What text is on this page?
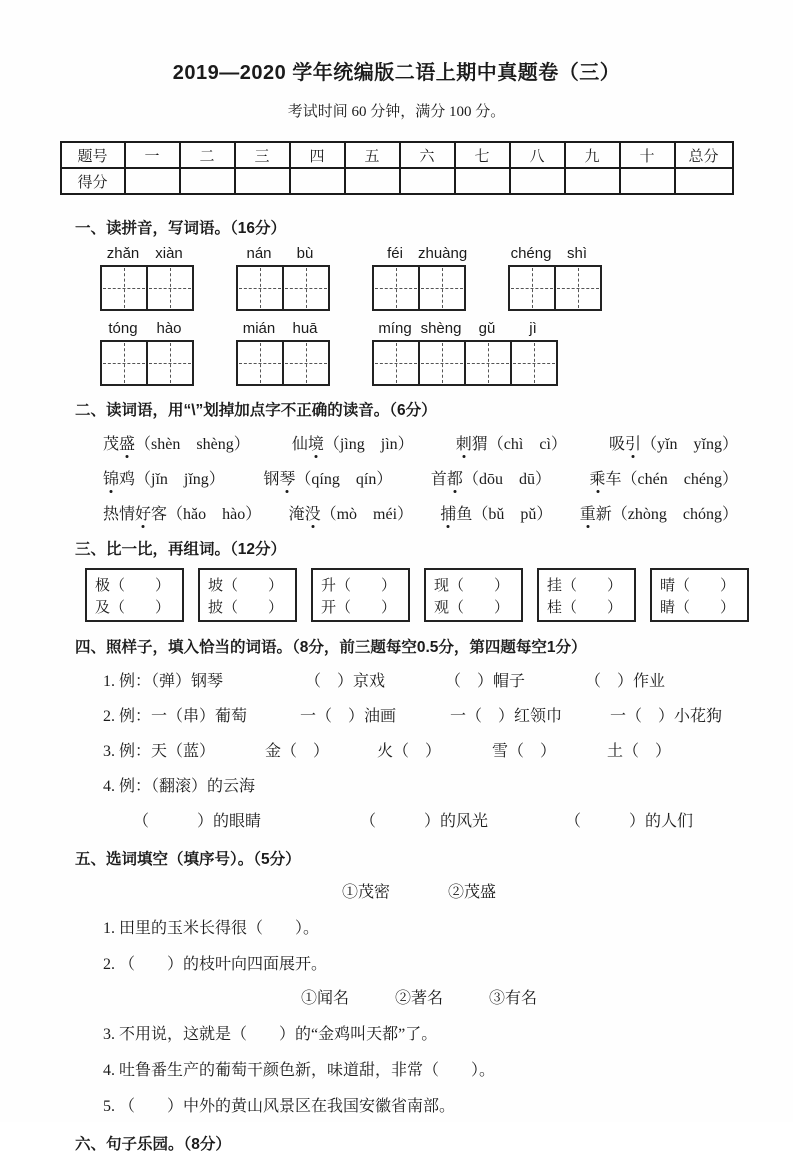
2019—2020 学年统编版二语上期中真题卷（三）
考试时间 60 分钟，满分 100 分。
题号	一	二	三	四	五	六	七	八	九	十	总分
得分											
一、读拼音，写词语。（16分）
zhǎn	xiàn	nán	bù	féi	zhuàng	chéng	shì
tóng	hào	mián	huā	míng shèng	gǔ	jì
二、读词语，用“\”划掉加点字不正确的读音。（6分）
茂盛（shèn　shèng）	仙境（jìng　jìn）	刺猬（chì　cì）	吸引（yǐn　yǐng）
锦鸡（jǐn　jǐng） 钢琴（qíng　qín） 首都（dōu　dū） 乘车（chén　chéng）
热情好客（hǎo　hào） 淹没（mò　méi） 捕鱼（bǔ　pǔ） 重新（zhòng　chóng）
三、比一比，再组词。（12分）
极（　　）
及（　　）
坡（　　）
披（　　）
升（　　）
开（　　）
现（　　）
观（　　）
挂（　　）
桂（　　）
晴（　　）
睛（　　）
四、照样子，填入恰当的词语。（8分，前三题每空0.5分，第四题每空1分）
1. 例：（弹）钢琴	（　）京戏	（　）帽子	（　）作业
2. 例：一（串）葡萄	一（　）油画	一（　）红领巾	一（　）小花狗
3. 例：天（蓝）	金（　）	火（　）	雪（　）	土（　）
4. 例：（翻滚）的云海
（　　　）的眼睛	（　　　）的风光	（　　　）的人们
五、选词填空（填序号）。（5分）
①茂密	②茂盛
1. 田里的玉米长得很（　　）。
2. （　　）的枝叶向四面展开。
①闻名	②著名	③有名
3. 不用说，这就是（　　）的“金鸡叫天都”了。
4. 吐鲁番生产的葡萄干颜色新，味道甜，非常（　　）。
5. （　　）中外的黄山风景区在我国安徽省南部。
六、句子乐园。（8分）
